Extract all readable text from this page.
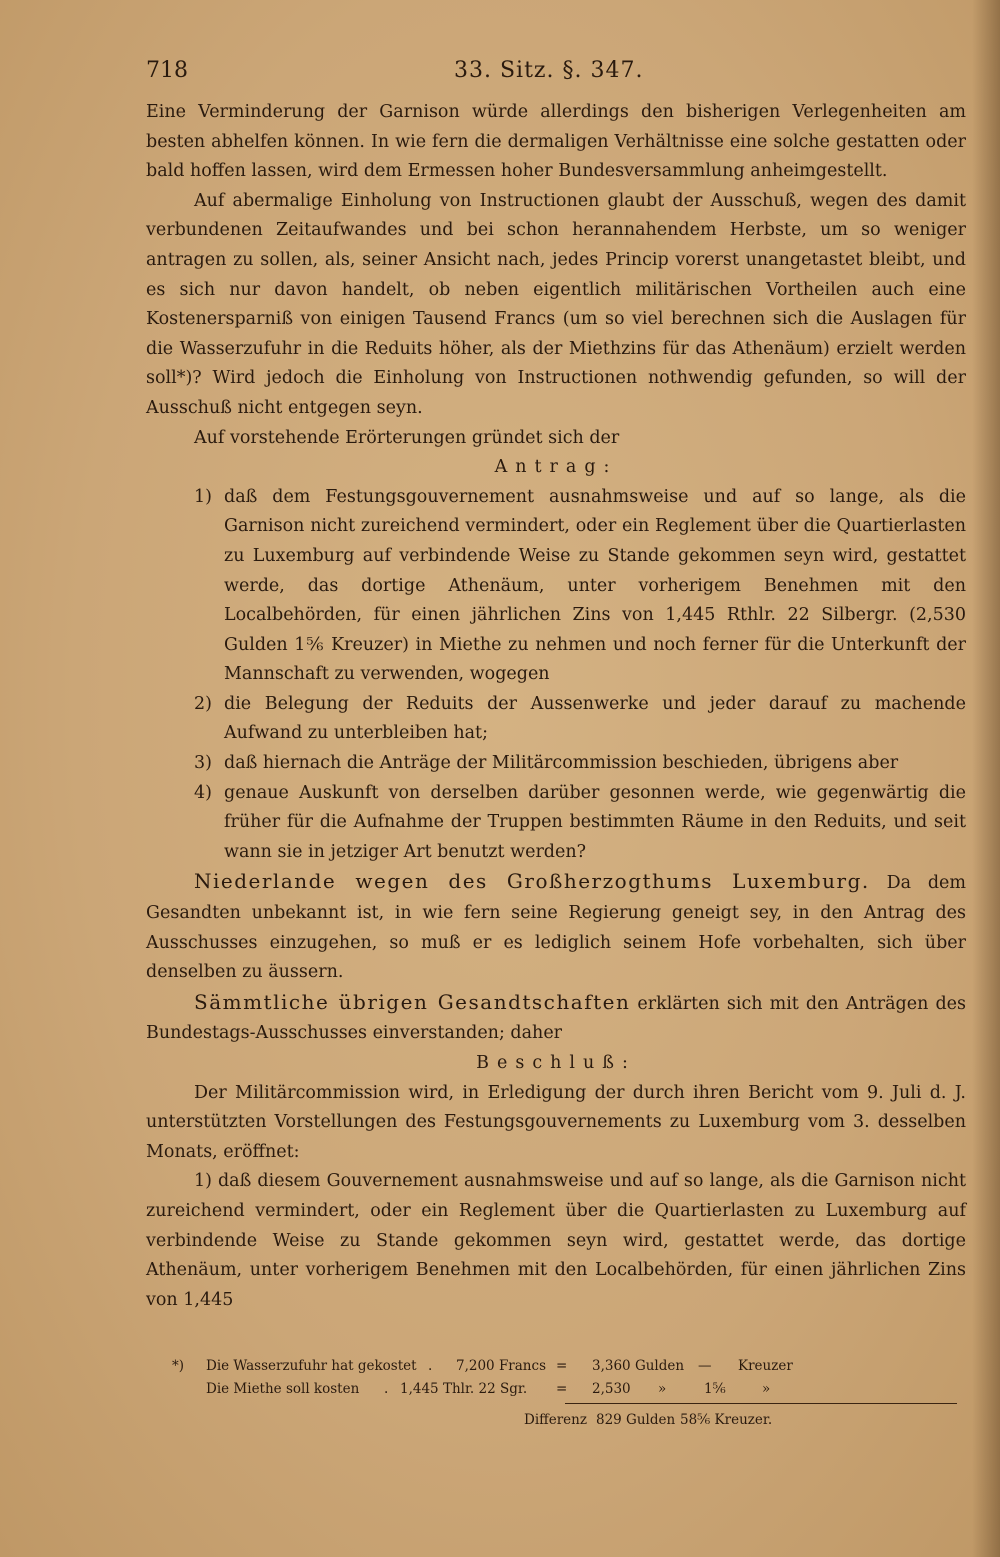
718	33. Sitz. §. 347.

Eine Verminderung der Garnison würde allerdings den bisherigen Verlegenheiten am besten abhelfen können. In wie fern die dermaligen Verhältnisse eine solche gestatten oder bald hoffen lassen, wird dem Ermessen hoher Bundesversammlung anheimgestellt.

Auf abermalige Einholung von Instructionen glaubt der Ausschuß, wegen des damit verbundenen Zeitaufwandes und bei schon herannahendem Herbste, um so weniger antragen zu sollen, als, seiner Ansicht nach, jedes Princip vorerst unangetastet bleibt, und es sich nur davon handelt, ob neben eigentlich militärischen Vortheilen auch eine Kostenersparniß von einigen Tausend Francs (um so viel berechnen sich die Auslagen für die Wasserzufuhr in die Reduits höher, als der Miethzins für das Athenäum) erzielt werden soll*)? Wird jedoch die Einholung von Instructionen nothwendig gefunden, so will der Ausschuß nicht entgegen seyn.

Auf vorstehende Erörterungen gründet sich der

Antrag:

1) daß dem Festungsgouvernement ausnahmsweise und auf so lange, als die Garnison nicht zureichend vermindert, oder ein Reglement über die Quartierlasten zu Luxemburg auf verbindende Weise zu Stande gekommen seyn wird, gestattet werde, das dortige Athenäum, unter vorherigem Benehmen mit den Localbehörden, für einen jährlichen Zins von 1,445 Rthlr. 22 Silbergr. (2,530 Gulden 1⅚ Kreuzer) in Miethe zu nehmen und noch ferner für die Unterkunft der Mannschaft zu verwenden, wogegen
2) die Belegung der Reduits der Aussenwerke und jeder darauf zu machende Aufwand zu unterbleiben hat;
3) daß hiernach die Anträge der Militärcommission beschieden, übrigens aber
4) genaue Auskunft von derselben darüber gesonnen werde, wie gegenwärtig die früher für die Aufnahme der Truppen bestimmten Räume in den Reduits, und seit wann sie in jetziger Art benutzt werden?

Niederlande wegen des Großherzogthums Luxemburg. Da dem Gesandten unbekannt ist, in wie fern seine Regierung geneigt sey, in den Antrag des Ausschusses einzugehen, so muß er es lediglich seinem Hofe vorbehalten, sich über denselben zu äussern.

Sämmtliche übrigen Gesandtschaften erklärten sich mit den Anträgen des Bundestags-Ausschusses einverstanden; daher

Beschluß:

Der Militärcommission wird, in Erledigung der durch ihren Bericht vom 9. Juli d. J. unterstützten Vorstellungen des Festungsgouvernements zu Luxemburg vom 3. desselben Monats, eröffnet:

1) daß diesem Gouvernement ausnahmsweise und auf so lange, als die Garnison nicht zureichend vermindert, oder ein Reglement über die Quartierlasten zu Luxemburg auf verbindende Weise zu Stande gekommen seyn wird, gestattet werde, das dortige Athenäum, unter vorherigem Benehmen mit den Localbehörden, für einen jährlichen Zins von 1,445
*) Die Wasserzufuhr hat gekostet . 7,200 Francs = 3,360 Gulden — Kreuzer
Die Miethe soll kosten . 1,445 Thlr. 22 Sgr. = 2,530 »	1⅚	»
Differenz 829 Gulden 58⅚ Kreuzer.
